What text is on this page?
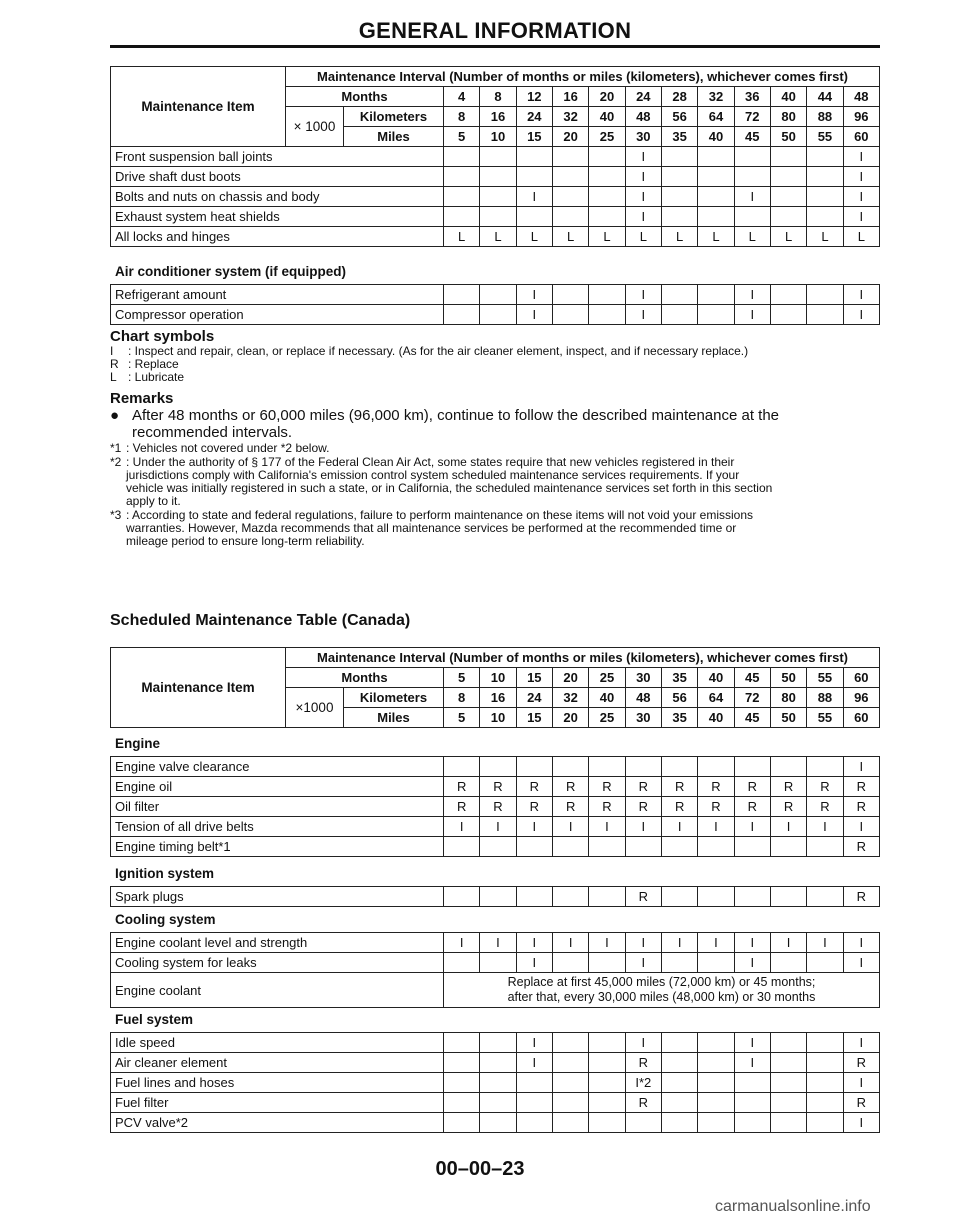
GENERAL INFORMATION
Maintenance Item	Maintenance Interval (Number of months or miles (kilometers), whichever comes first)													
	Months		4	8	12	16	20	24	28	32	36	40	44	48
	× 1000	Kilometers	8	16	24	32	40	48	56	64	72	80	88	96
		Miles	5	10	15	20	25	30	35	40	45	50	55	60
Front suspension ball joints								I						I
Drive shaft dust boots								I						I
Bolts and nuts on chassis and body					I			I			I			I
Exhaust system heat shields								I						I
All locks and hinges			L	L	L	L	L	L	L	L	L	L	L	L
Air conditioner system (if equipped)
Refrigerant amount			I			I			I			I
Compressor operation			I			I			I			I
Chart symbols
I	: Inspect and repair, clean, or replace if necessary. (As for the air cleaner element, inspect, and if necessary replace.)
R : Replace
L : Lubricate
Remarks
● After 48 months or 60,000 miles (96,000 km), continue to follow the described maintenance at the
recommended intervals.
*1 : Vehicles not covered under *2 below.
*2 : Under the authority of § 177 of the Federal Clean Air Act, some states require that new vehicles registered in their
jurisdictions comply with California's emission control system scheduled maintenance services requirements. If your
vehicle was initially registered in such a state, or in California, the scheduled maintenance services set forth in this section
apply to it.
*3 : According to state and federal regulations, failure to perform maintenance on these items will not void your emissions
warranties. However, Mazda recommends that all maintenance services be performed at the recommended time or
mileage period to ensure long-term reliability.
Scheduled Maintenance Table (Canada)
Maintenance Item	Maintenance Interval (Number of months or miles (kilometers), whichever comes first)													
	Months		5	10	15	20	25	30	35	40	45	50	55	60
	×1000	Kilometers	8	16	24	32	40	48	56	64	72	80	88	96
		Miles	5	10	15	20	25	30	35	40	45	50	55	60
Engine
Engine valve clearance												I
Engine oil	R	R	R	R	R	R	R	R	R	R	R	R
Oil filter	R	R	R	R	R	R	R	R	R	R	R	R
Tension of all drive belts	I	I	I	I	I	I	I	I	I	I	I	I
Engine timing belt*1												R
Ignition system
Spark plugs						R						R
Cooling system
Engine coolant level and strength	I	I	I	I	I	I	I	I	I	I	I	I
Cooling system for leaks			I			I			I			I
Engine coolant	Replace at first 45,000 miles (72,000 km) or 45 months;
after that, every 30,000 miles (48,000 km) or 30 months											
Fuel system
Idle speed			I			I			I			I
Air cleaner element			I			R			I			R
Fuel lines and hoses						I*2						I
Fuel filter						R						R
PCV valve*2												I
00–00–23
carmanualsonline.info
